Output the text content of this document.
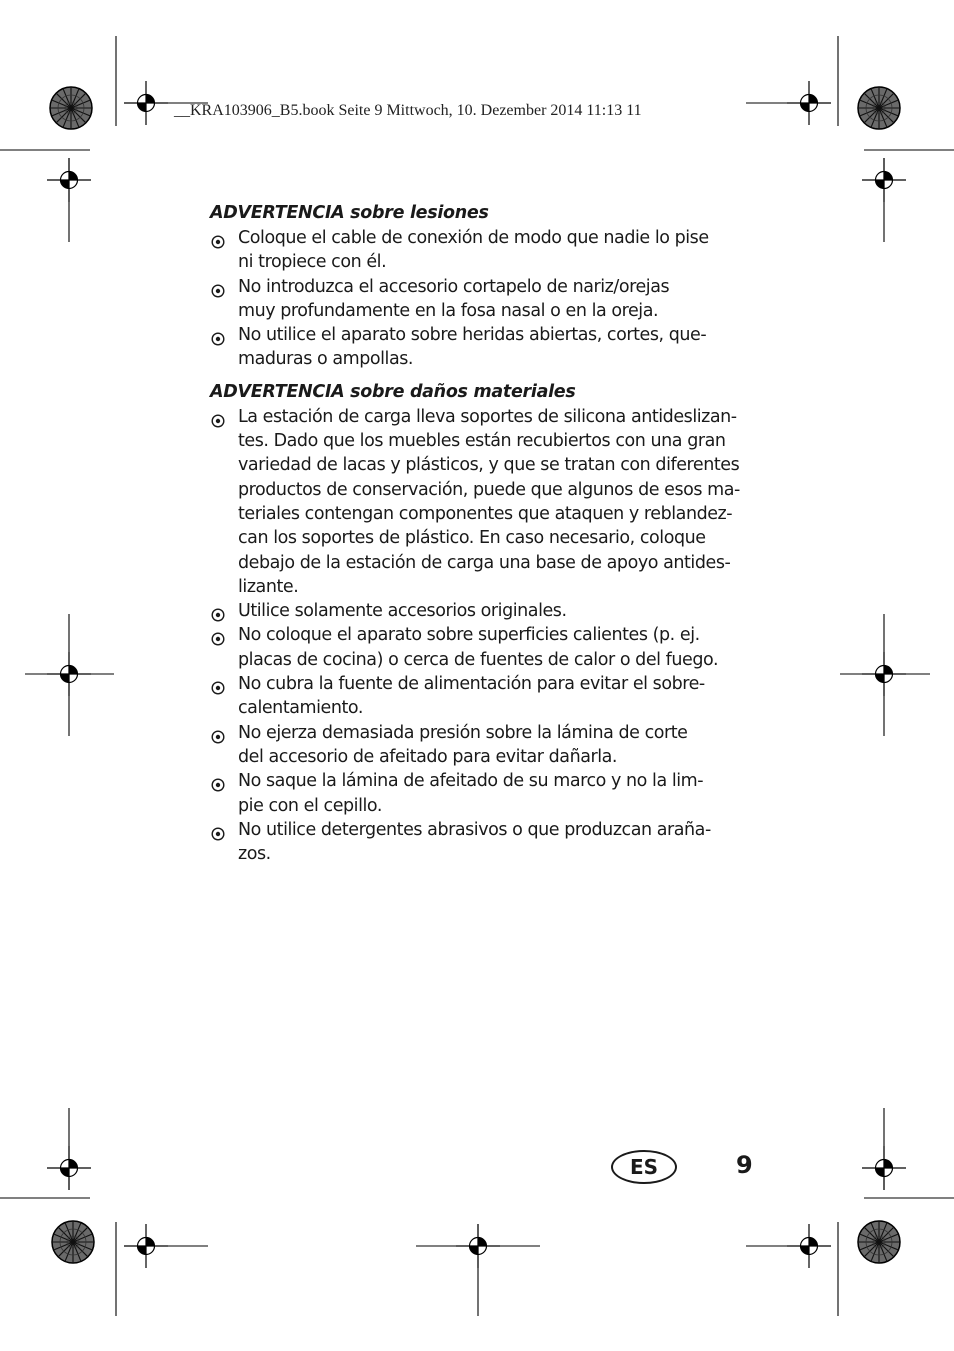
__KRA103906_B5.book Seite 9 Mittwoch, 10. Dezember 2014 11:13 11
ADVERTENCIA sobre lesiones
Coloque el cable de conexión de modo que nadie lo pise
ni tropiece con él.
No introduzca el accesorio cortapelo de nariz/orejas
muy profundamente en la fosa nasal o en la oreja.
No utilice el aparato sobre heridas abiertas, cortes, que-
maduras o ampollas.
ADVERTENCIA sobre daños materiales
La estación de carga lleva soportes de silicona antideslizan-
tes. Dado que los muebles están recubiertos con una gran
variedad de lacas y plásticos, y que se tratan con diferentes
productos de conservación, puede que algunos de esos ma-
teriales contengan componentes que ataquen y reblandez-
can los soportes de plástico. En caso necesario, coloque
debajo de la estación de carga una base de apoyo antides-
lizante.
Utilice solamente accesorios originales.
No coloque el aparato sobre superficies calientes (p. ej.
placas de cocina) o cerca de fuentes de calor o del fuego.
No cubra la fuente de alimentación para evitar el sobre-
calentamiento.
No ejerza demasiada presión sobre la lámina de corte
del accesorio de afeitado para evitar dañarla.
No saque la lámina de afeitado de su marco y no la lim-
pie con el cepillo.
No utilice detergentes abrasivos o que produzcan araña-
zos.
ES	9
